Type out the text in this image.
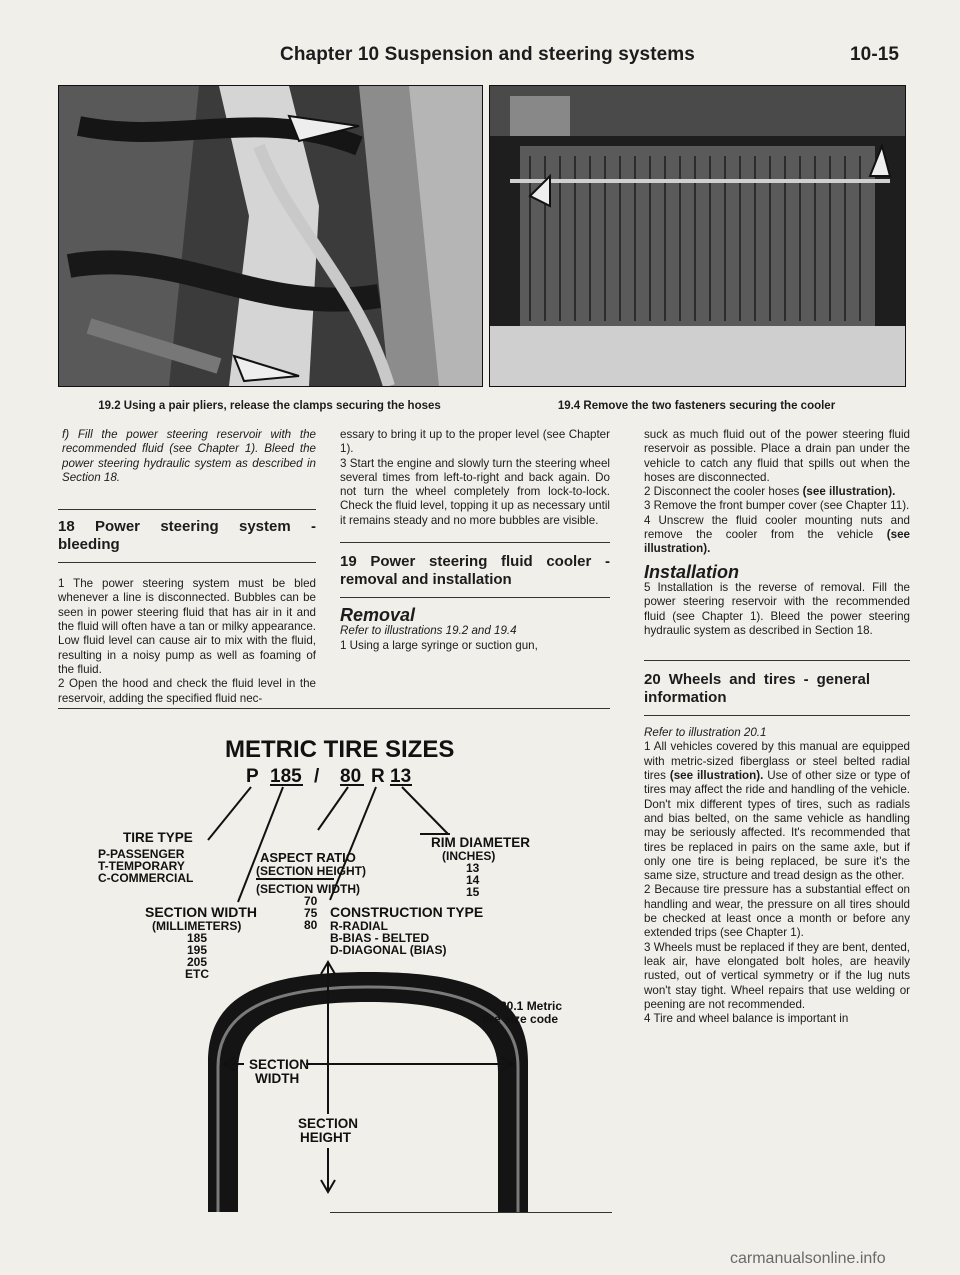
Chapter 10 Suspension and steering systems	10-15
19.2 Using a pair pliers, release the clamps securing the hoses	19.4 Remove the two fasteners securing the cooler

f) Fill the power steering reservoir with the recommended fluid (see Chapter 1). Bleed the power steering hydraulic system as described in Section 18.

18 Power steering system - bleeding

1 The power steering system must be bled whenever a line is disconnected. Bubbles can be seen in power steering fluid that has air in it and the fluid will often have a tan or milky appearance. Low fluid level can cause air to mix with the fluid, resulting in a noisy pump as well as foaming of the fluid.

2 Open the hood and check the fluid level in the reservoir, adding the specified fluid nec-

essary to bring it up to the proper level (see Chapter 1).

3 Start the engine and slowly turn the steering wheel several times from left-to-right and back again. Do not turn the wheel completely from lock-to-lock. Check the fluid level, topping it up as necessary until it remains steady and no more bubbles are visible.

19 Power steering fluid cooler - removal and installation
Removal

Refer to illustrations 19.2 and 19.4

1 Using a large syringe or suction gun,

suck as much fluid out of the power steering fluid reservoir as possible. Place a drain pan under the vehicle to catch any fluid that spills out when the hoses are disconnected.

2 Disconnect the cooler hoses (see illustration).

3 Remove the front bumper cover (see Chapter 11).

4 Unscrew the fluid cooler mounting nuts and remove the cooler from the vehicle (see illustration).

Installation

5 Installation is the reverse of removal. Fill the power steering reservoir with the recommended fluid (see Chapter 1). Bleed the power steering hydraulic system as described in Section 18.

20 Wheels and tires - general information

Refer to illustration 20.1

1 All vehicles covered by this manual are equipped with metric-sized fiberglass or steel belted radial tires (see illustration). Use of other size or type of tires may affect the ride and handling of the vehicle. Don't mix different types of tires, such as radials and bias belted, on the same vehicle as handling may be seriously affected. It's recommended that tires be replaced in pairs on the same axle, but if only one tire is being replaced, be sure it's the same size, structure and tread design as the other.

2 Because tire pressure has a substantial effect on handling and wear, the pressure on all tires should be checked at least once a month or before any extended trips (see Chapter 1).

3 Wheels must be replaced if they are bent, dented, leak air, have elongated bolt holes, are heavily rusted, out of vertical symmetry or if the lug nuts won't stay tight. Wheel repairs that use welding or peening are not recommended.

4 Tire and wheel balance is important in

METRIC TIRE SIZES
P 185 / 80 R 13
TIRE TYPE
P-PASSENGER
T-TEMPORARY
C-COMMERCIAL
ASPECT RATIO
(SECTION HEIGHT)
(SECTION WIDTH)
70
75
80
RIM DIAMETER
(INCHES)
13
14
15
SECTION WIDTH
(MILLIMETERS)
185
195
205
ETC
CONSTRUCTION TYPE
R-RADIAL
B-BIAS - BELTED
D-DIAGONAL (BIAS)
SECTION
WIDTH
SECTION
HEIGHT
20.1 Metric
tire size code
carmanualsonline.info
